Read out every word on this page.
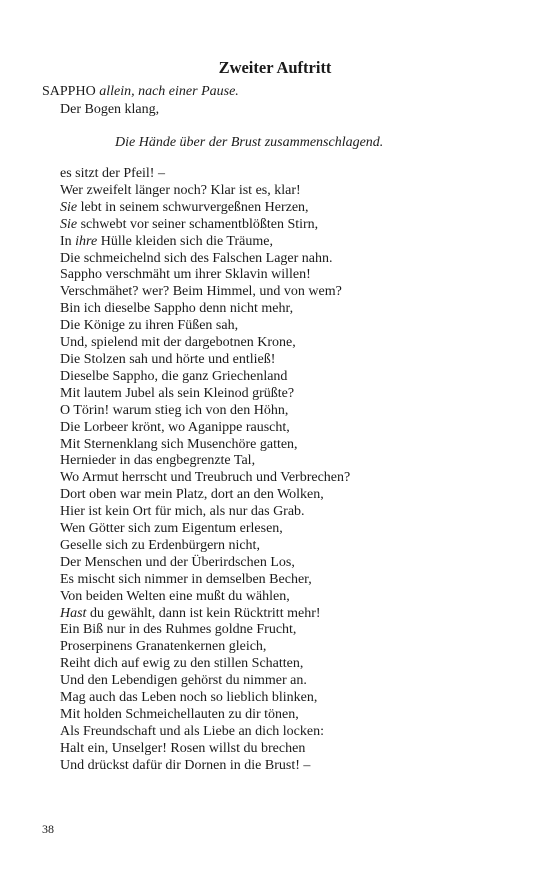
Zweiter Auftritt
SAPPHO allein, nach einer Pause.
Der Bogen klang,
Die Hände über der Brust zusammenschlagend.
es sitzt der Pfeil! –
Wer zweifelt länger noch? Klar ist es, klar!
Sie lebt in seinem schwurvergeßnen Herzen,
Sie schwebt vor seiner schamentblößten Stirn,
In ihre Hülle kleiden sich die Träume,
Die schmeichelnd sich des Falschen Lager nahn.
Sappho verschmäht um ihrer Sklavin willen!
Verschmähet? wer? Beim Himmel, und von wem?
Bin ich dieselbe Sappho denn nicht mehr,
Die Könige zu ihren Füßen sah,
Und, spielend mit der dargebotnen Krone,
Die Stolzen sah und hörte und entließ!
Dieselbe Sappho, die ganz Griechenland
Mit lautem Jubel als sein Kleinod grüßte?
O Törin! warum stieg ich von den Höhn,
Die Lorbeer krönt, wo Aganippe rauscht,
Mit Sternenklang sich Musenchöre gatten,
Hernieder in das engbegrenzte Tal,
Wo Armut herrscht und Treubruch und Verbrechen?
Dort oben war mein Platz, dort an den Wolken,
Hier ist kein Ort für mich, als nur das Grab.
Wen Götter sich zum Eigentum erlesen,
Geselle sich zu Erdenbürgern nicht,
Der Menschen und der Überirdschen Los,
Es mischt sich nimmer in demselben Becher,
Von beiden Welten eine mußt du wählen,
Hast du gewählt, dann ist kein Rücktritt mehr!
Ein Biß nur in des Ruhmes goldne Frucht,
Proserpinens Granatenkernen gleich,
Reiht dich auf ewig zu den stillen Schatten,
Und den Lebendigen gehörst du nimmer an.
Mag auch das Leben noch so lieblich blinken,
Mit holden Schmeichellauten zu dir tönen,
Als Freundschaft und als Liebe an dich locken:
Halt ein, Unselger! Rosen willst du brechen
Und drückst dafür dir Dornen in die Brust! –
38
